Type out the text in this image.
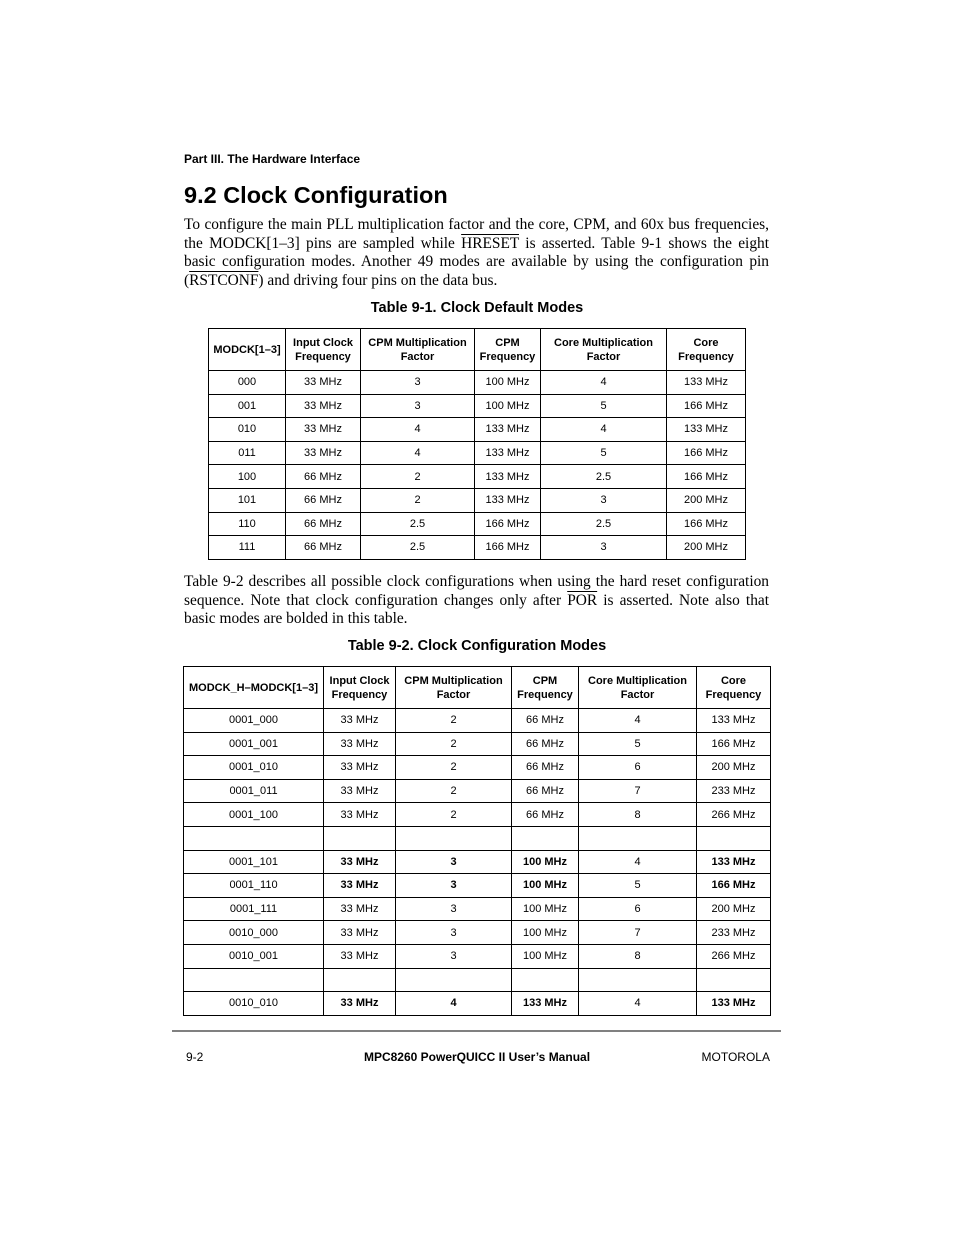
Part III. The Hardware Interface
9.2 Clock Configuration

To configure the main PLL multiplication factor and the core, CPM, and 60x bus frequencies, the MODCK[1–3] pins are sampled while HRESET is asserted. Table 9-1 shows the eight basic configuration modes. Another 49 modes are available by using the configuration pin (RSTCONF) and driving four pins on the data bus.

Table 9-1. Clock Default Modes
MODCK[1–3]	Input Clock Frequency	CPM Multiplication Factor	CPM Frequency	Core Multiplication Factor	Core Frequency
000	33 MHz	3	100 MHz	4	133 MHz
001	33 MHz	3	100 MHz	5	166 MHz
010	33 MHz	4	133 MHz	4	133 MHz
011	33 MHz	4	133 MHz	5	166 MHz
100	66 MHz	2	133 MHz	2.5	166 MHz
101	66 MHz	2	133 MHz	3	200 MHz
110	66 MHz	2.5	166 MHz	2.5	166 MHz
111	66 MHz	2.5	166 MHz	3	200 MHz

Table 9-2 describes all possible clock configurations when using the hard reset configuration sequence. Note that clock configuration changes only after $\overline{POR}$ is asserted. Note also that basic modes are bolded in this table.

Table 9-2. Clock Configuration Modes
MODCK_H–MODCK[1–3]	Input Clock Frequency	CPM Multiplication Factor	CPM Frequency	Core Multiplication Factor	Core Frequency
0001_000	33 MHz	2	66 MHz	4	133 MHz
0001_001	33 MHz	2	66 MHz	5	166 MHz
0001_010	33 MHz	2	66 MHz	6	200 MHz
0001_011	33 MHz	2	66 MHz	7	233 MHz
0001_100	33 MHz	2	66 MHz	8	266 MHz

0001_101	33 MHz	3	100 MHz	4	133 MHz
0001_110	33 MHz	3	100 MHz	5	166 MHz
0001_111	33 MHz	3	100 MHz	6	200 MHz
0010_000	33 MHz	3	100 MHz	7	233 MHz
0010_001	33 MHz	3	100 MHz	8	266 MHz

0010_010	33 MHz	4	133 MHz	4	133 MHz
9-2	MPC8260 PowerQUICC II User’s Manual	MOTOROLA
